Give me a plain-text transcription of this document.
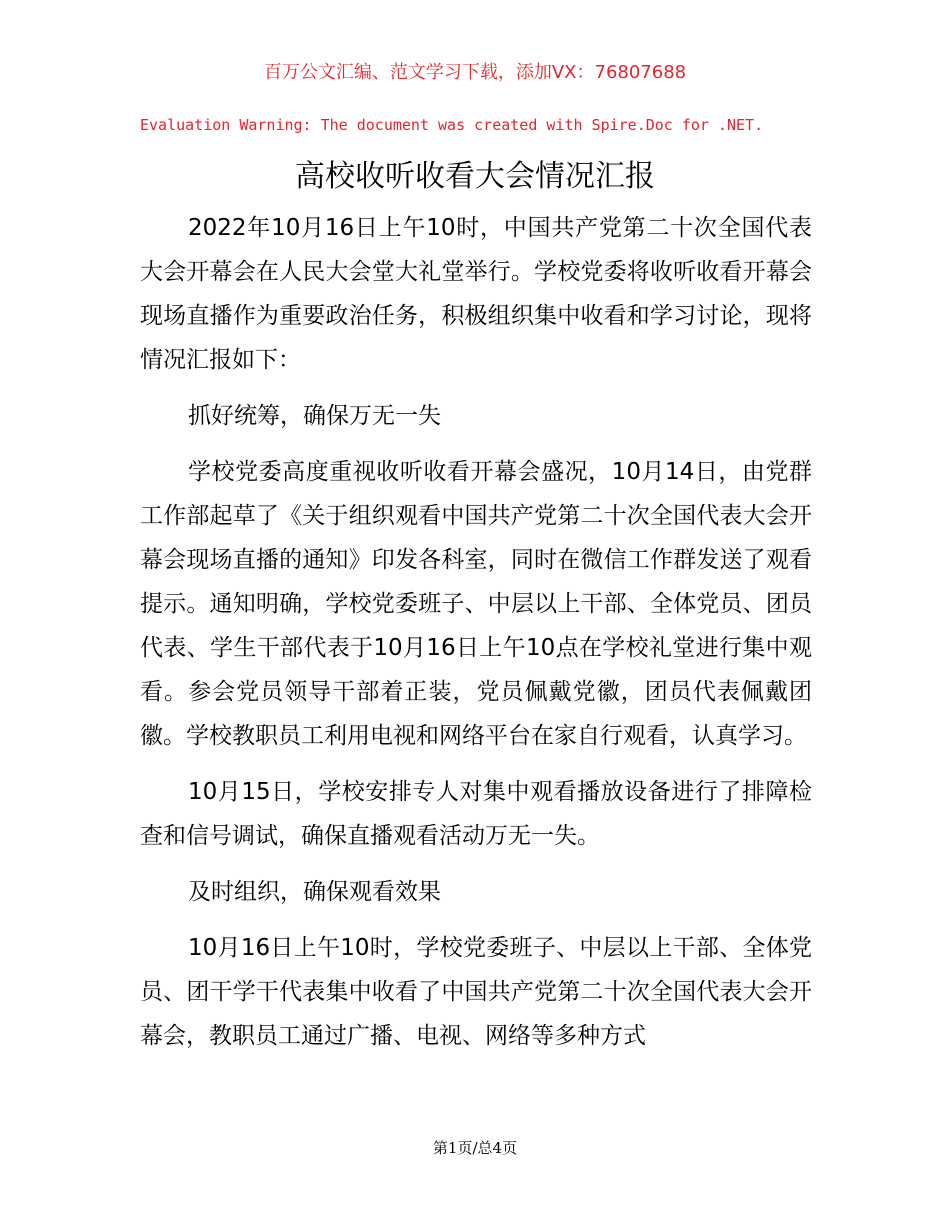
百万公文汇编、范文学习下载，添加VX：76807688
Evaluation Warning: The document was created with Spire.Doc for .NET.
高校收听收看大会情况汇报

2022年10月16日上午10时，中国共产党第二十次全国代表大会开幕会在人民大会堂大礼堂举行。学校党委将收听收看开幕会现场直播作为重要政治任务，积极组织集中收看和学习讨论，现将情况汇报如下：

抓好统筹，确保万无一失

学校党委高度重视收听收看开幕会盛况，10月14日，由党群工作部起草了《关于组织观看中国共产党第二十次全国代表大会开幕会现场直播的通知》印发各科室，同时在微信工作群发送了观看提示。通知明确，学校党委班子、中层以上干部、全体党员、团员代表、学生干部代表于10月16日上午10点在学校礼堂进行集中观看。参会党员领导干部着正装，党员佩戴党徽，团员代表佩戴团徽。学校教职员工利用电视和网络平台在家自行观看，认真学习。

10月15日，学校安排专人对集中观看播放设备进行了排障检查和信号调试，确保直播观看活动万无一失。

及时组织，确保观看效果

10月16日上午10时，学校党委班子、中层以上干部、全体党员、团干学干代表集中收看了中国共产党第二十次全国代表大会开幕会，教职员工通过广播、电视、网络等多种方式

第1页/总4页
